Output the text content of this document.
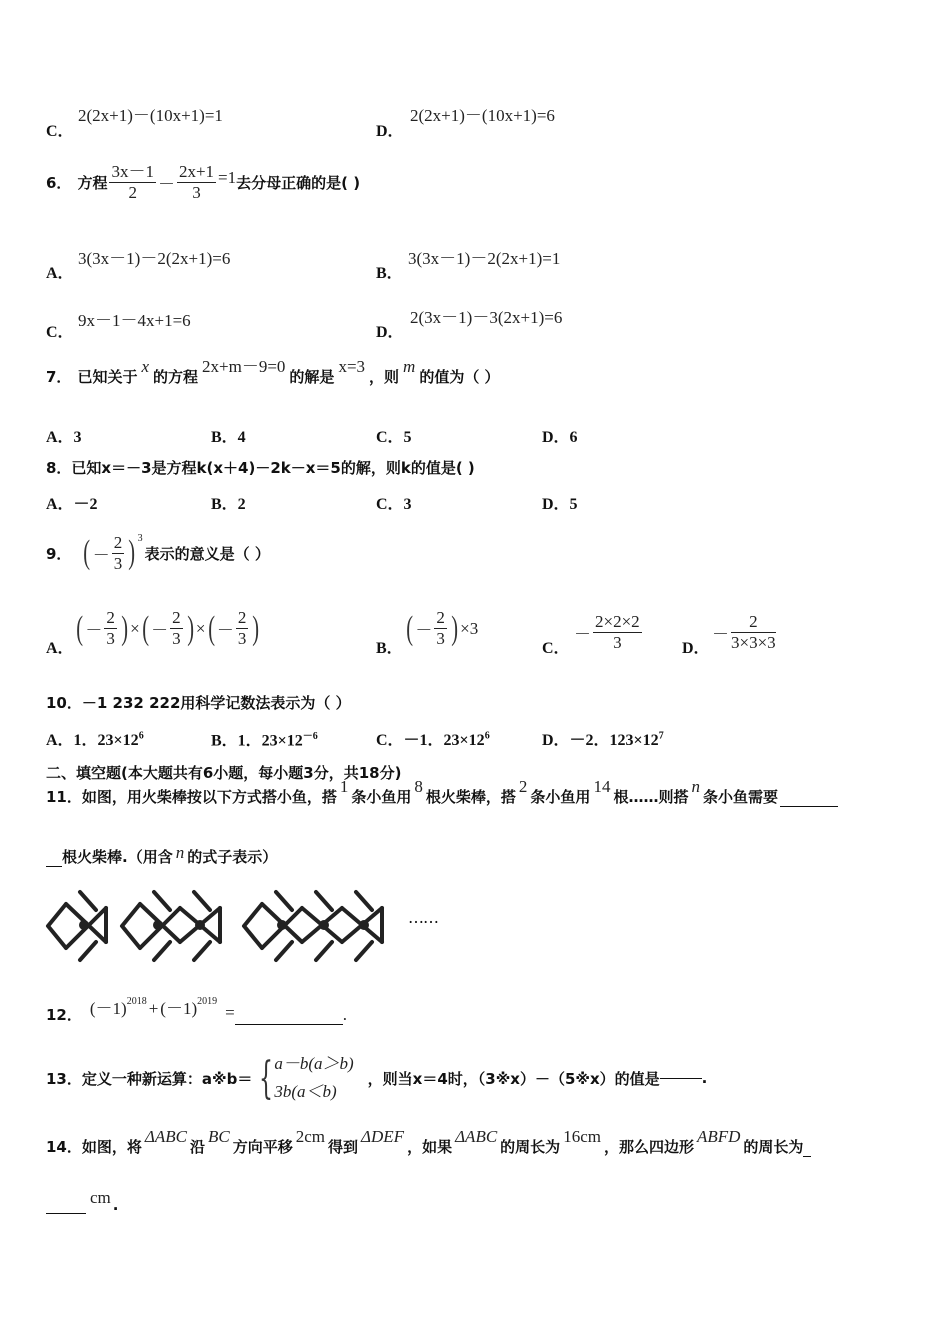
C．
2(2x+1)－(10x+1)=1
D．
2(2x+1)－(10x+1)=6
6． 方程 $\frac{3x-1}{2} - \frac{2x+1}{3} =1$ 去分母正确的是( )
A．
3(3x－1)－2(2x+1)=6
B．
3(3x－1)－2(2x+1)=1
C．
9x－1－4x+1=6
D．
2(3x－1)－3(2x+1)=6
7． 已知关于
x
的方程
2x+m－9=0
的解是
x=3
，则
m
的值为（ ）
A．3	B．4	C．5	D．6
8．已知x＝－3是方程k(x＋4)－2k－x＝5的解，则k的值是( )
A．－2	B．2	C．3	D．5
9． ( － $\frac{2}{3} )^3$
表示的意义是（ ）
A．
( － $\frac{2}{3}$ ) × ( － $\frac{2}{3}$ ) × ( － $\frac{2}{3}$ )
B．
( － $\frac{2}{3}$ ) ×3
C．
－ $\frac{2\times 2\times 2}{3}$	D．
－ $\frac{2}{3\times 3\times 3}$
10．－1 232 222用科学记数法表示为（ ）
A．1．$23\times 12^6$	B．1．$23\times 12^{-6}$	C．－1．$23\times 12^6$	D．－2．$123\times 12^7$
二、填空题(本大题共有6小题，每小题3分，共18分)
11．如图，用火柴棒按以下方式搭小鱼，搭
1
条小鱼用
8
根火柴棒，搭
2
条小鱼用
14
根……则搭
n
条小鱼需要
根火柴棒.（用含 n 的式子表示）
……
12． $(-1)^{2018} + (-1)^{2019}$
=	.
13．定义一种新运算：a※b＝ { a－b(a＞b)
3b(a＜b)
，则当x＝4时，（3※x）－（5※x）的值是	.
14．如图，将
ΔABC
沿
BC
方向平移
2cm
得到
ΔDEF
，如果
ΔABC
的周长为
16cm
，那么四边形
ABFD
的周长为
cm .
